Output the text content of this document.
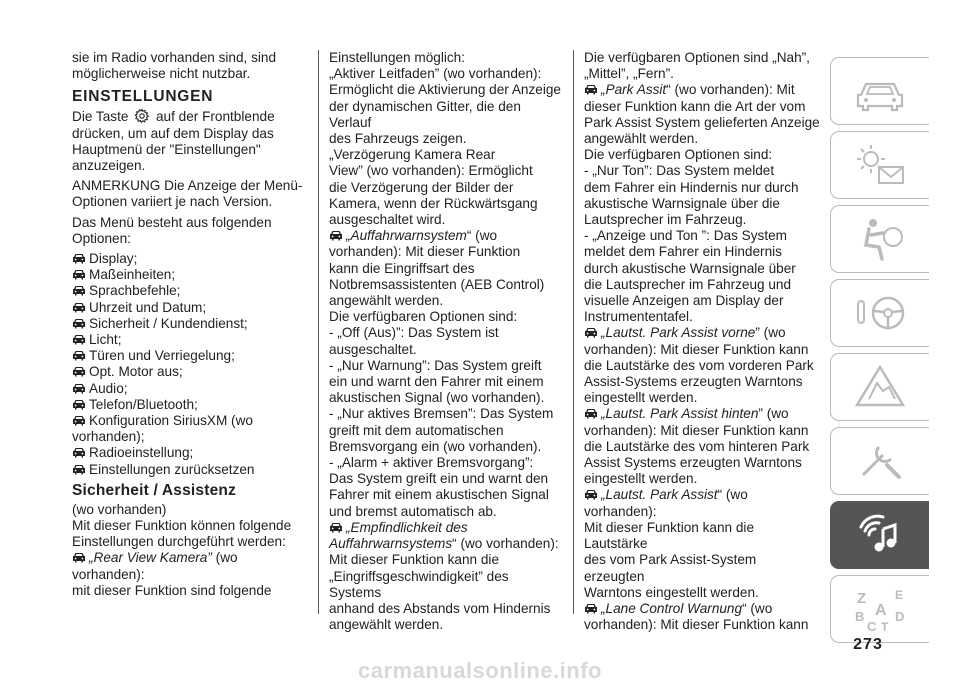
sie im Radio vorhanden sind, sind
möglicherweise nicht nutzbar.
EINSTELLUNGEN
Die Taste auf der Frontblende
drücken, um auf dem Display das
Hauptmenü der "Einstellungen"
anzuzeigen.
ANMERKUNG Die Anzeige der Menü-
Optionen variiert je nach Version.
Das Menü besteht aus folgenden
Optionen:
Display;
Maßeinheiten;
Sprachbefehle;
Uhrzeit und Datum;
Sicherheit / Kundendienst;
Licht;
Türen und Verriegelung;
Opt. Motor aus;
Audio;
Telefon/Bluetooth;
Konfiguration SiriusXM (wo
vorhanden);
Radioeinstellung;
Einstellungen zurücksetzen
Sicherheit / Assistenz
(wo vorhanden)
Mit dieser Funktion können folgende
Einstellungen durchgeführt werden:
„Rear View Kamera” (wo vorhanden):
mit dieser Funktion sind folgende
Einstellungen möglich:
„Aktiver Leitfaden” (wo vorhanden):
Ermöglicht die Aktivierung der Anzeige
der dynamischen Gitter, die den Verlauf
des Fahrzeugs zeigen.
„Verzögerung Kamera Rear
View” (wo vorhanden): Ermöglicht
die Verzögerung der Bilder der
Kamera, wenn der Rückwärtsgang
ausgeschaltet wird.
„Auffahrwarnsystem“ (wo
vorhanden): Mit dieser Funktion
kann die Eingriffsart des
Notbremsassistenten (AEB Control)
angewählt werden.
Die verfügbaren Optionen sind:
- „Off (Aus)”: Das System ist
ausgeschaltet.
- „Nur Warnung”: Das System greift
ein und warnt den Fahrer mit einem
akustischen Signal (wo vorhanden).
- „Nur aktives Bremsen”: Das System
greift mit dem automatischen
Bremsvorgang ein (wo vorhanden).
- „Alarm + aktiver Bremsvorgang”:
Das System greift ein und warnt den
Fahrer mit einem akustischen Signal
und bremst automatisch ab.
„Empfindlichkeit des
Auffahrwarnsystems“ (wo vorhanden):
Mit dieser Funktion kann die
„Eingriffsgeschwindigkeit” des Systems
anhand des Abstands vom Hindernis
angewählt werden.
Die verfügbaren Optionen sind „Nah”,
„Mittel”, „Fern”.
„Park Assit“ (wo vorhanden): Mit
dieser Funktion kann die Art der vom
Park Assist System gelieferten Anzeige
angewählt werden.
Die verfügbaren Optionen sind:
- „Nur Ton”: Das System meldet
dem Fahrer ein Hindernis nur durch
akustische Warnsignale über die
Lautsprecher im Fahrzeug.
- „Anzeige und Ton ”: Das System
meldet dem Fahrer ein Hindernis
durch akustische Warnsignale über
die Lautsprecher im Fahrzeug und
visuelle Anzeigen am Display der
Instrumententafel.
„Lautst. Park Assist vorne” (wo
vorhanden): Mit dieser Funktion kann
die Lautstärke des vom vorderen Park
Assist-Systems erzeugten Warntons
eingestellt werden.
„Lautst. Park Assist hinten” (wo
vorhanden): Mit dieser Funktion kann
die Lautstärke des vom hinteren Park
Assist Systems erzeugten Warntons
eingestellt werden.
„Lautst. Park Assist“ (wo vorhanden):
Mit dieser Funktion kann die Lautstärke
des vom Park Assist-System erzeugten
Warntons eingestellt werden.
„Lane Control Warnung“ (wo
vorhanden): Mit dieser Funktion kann
Z E
B A
C
D
T
273
carmanualsonline.info
